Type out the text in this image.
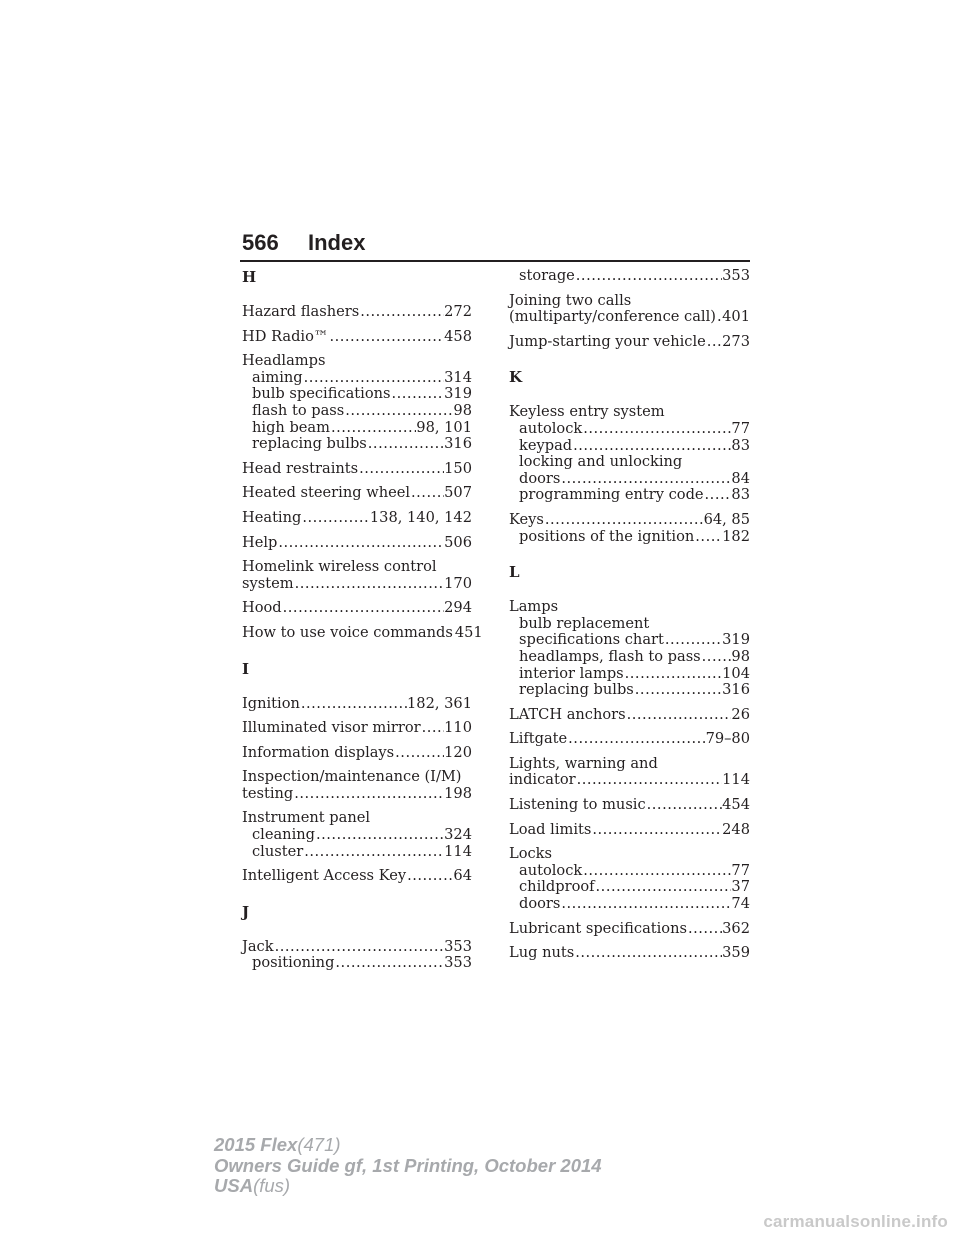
566 Index
H
Hazard flashers .....	272
HD Radio™ .....	458
Headlamps
aiming .....	314
bulb specifications .....	319
flash to pass .....	98
high beam .....	98, 101
replacing bulbs .....	316
Head restraints .....	150
Heated steering wheel ..... 507
Heating .....	138, 140, 142
Help .....	506
Homelink wireless control
system .....	170
Hood .....	294
How to use voice commands ..... 451
I
Ignition .....	182, 361
Illuminated visor mirror ..... 110
Information displays .....	120
Inspection/maintenance (I/M)
testing .....	198
Instrument panel
cleaning .....	324
cluster .....	114
Intelligent Access Key .....	64
J
Jack .....	353
positioning .....	353
storage .....	353
Joining two calls
(multiparty/conference call) ..... 401
Jump-starting your vehicle ..... 273
K
Keyless entry system
autolock .....	77
keypad .....	83
locking and unlocking
doors .....	84
programming entry code ..... 83
Keys .....	64, 85
positions of the ignition ..... 182
L
Lamps
bulb replacement
specifications chart .....	319
headlamps, flash to pass ..... 98
interior lamps .....	104
replacing bulbs .....	316
LATCH anchors .....	26
Liftgate .....	79–80
Lights, warning and
indicator .....	114
Listening to music .....	454
Load limits .....	248
Locks
autolock .....	77
childproof .....	37
doors .....	74
Lubricant specifications ..... 362
Lug nuts .....	359
2015 Flex(471)
Owners Guide gf, 1st Printing, October 2014
USA(fus)
carmanualsonline.info
